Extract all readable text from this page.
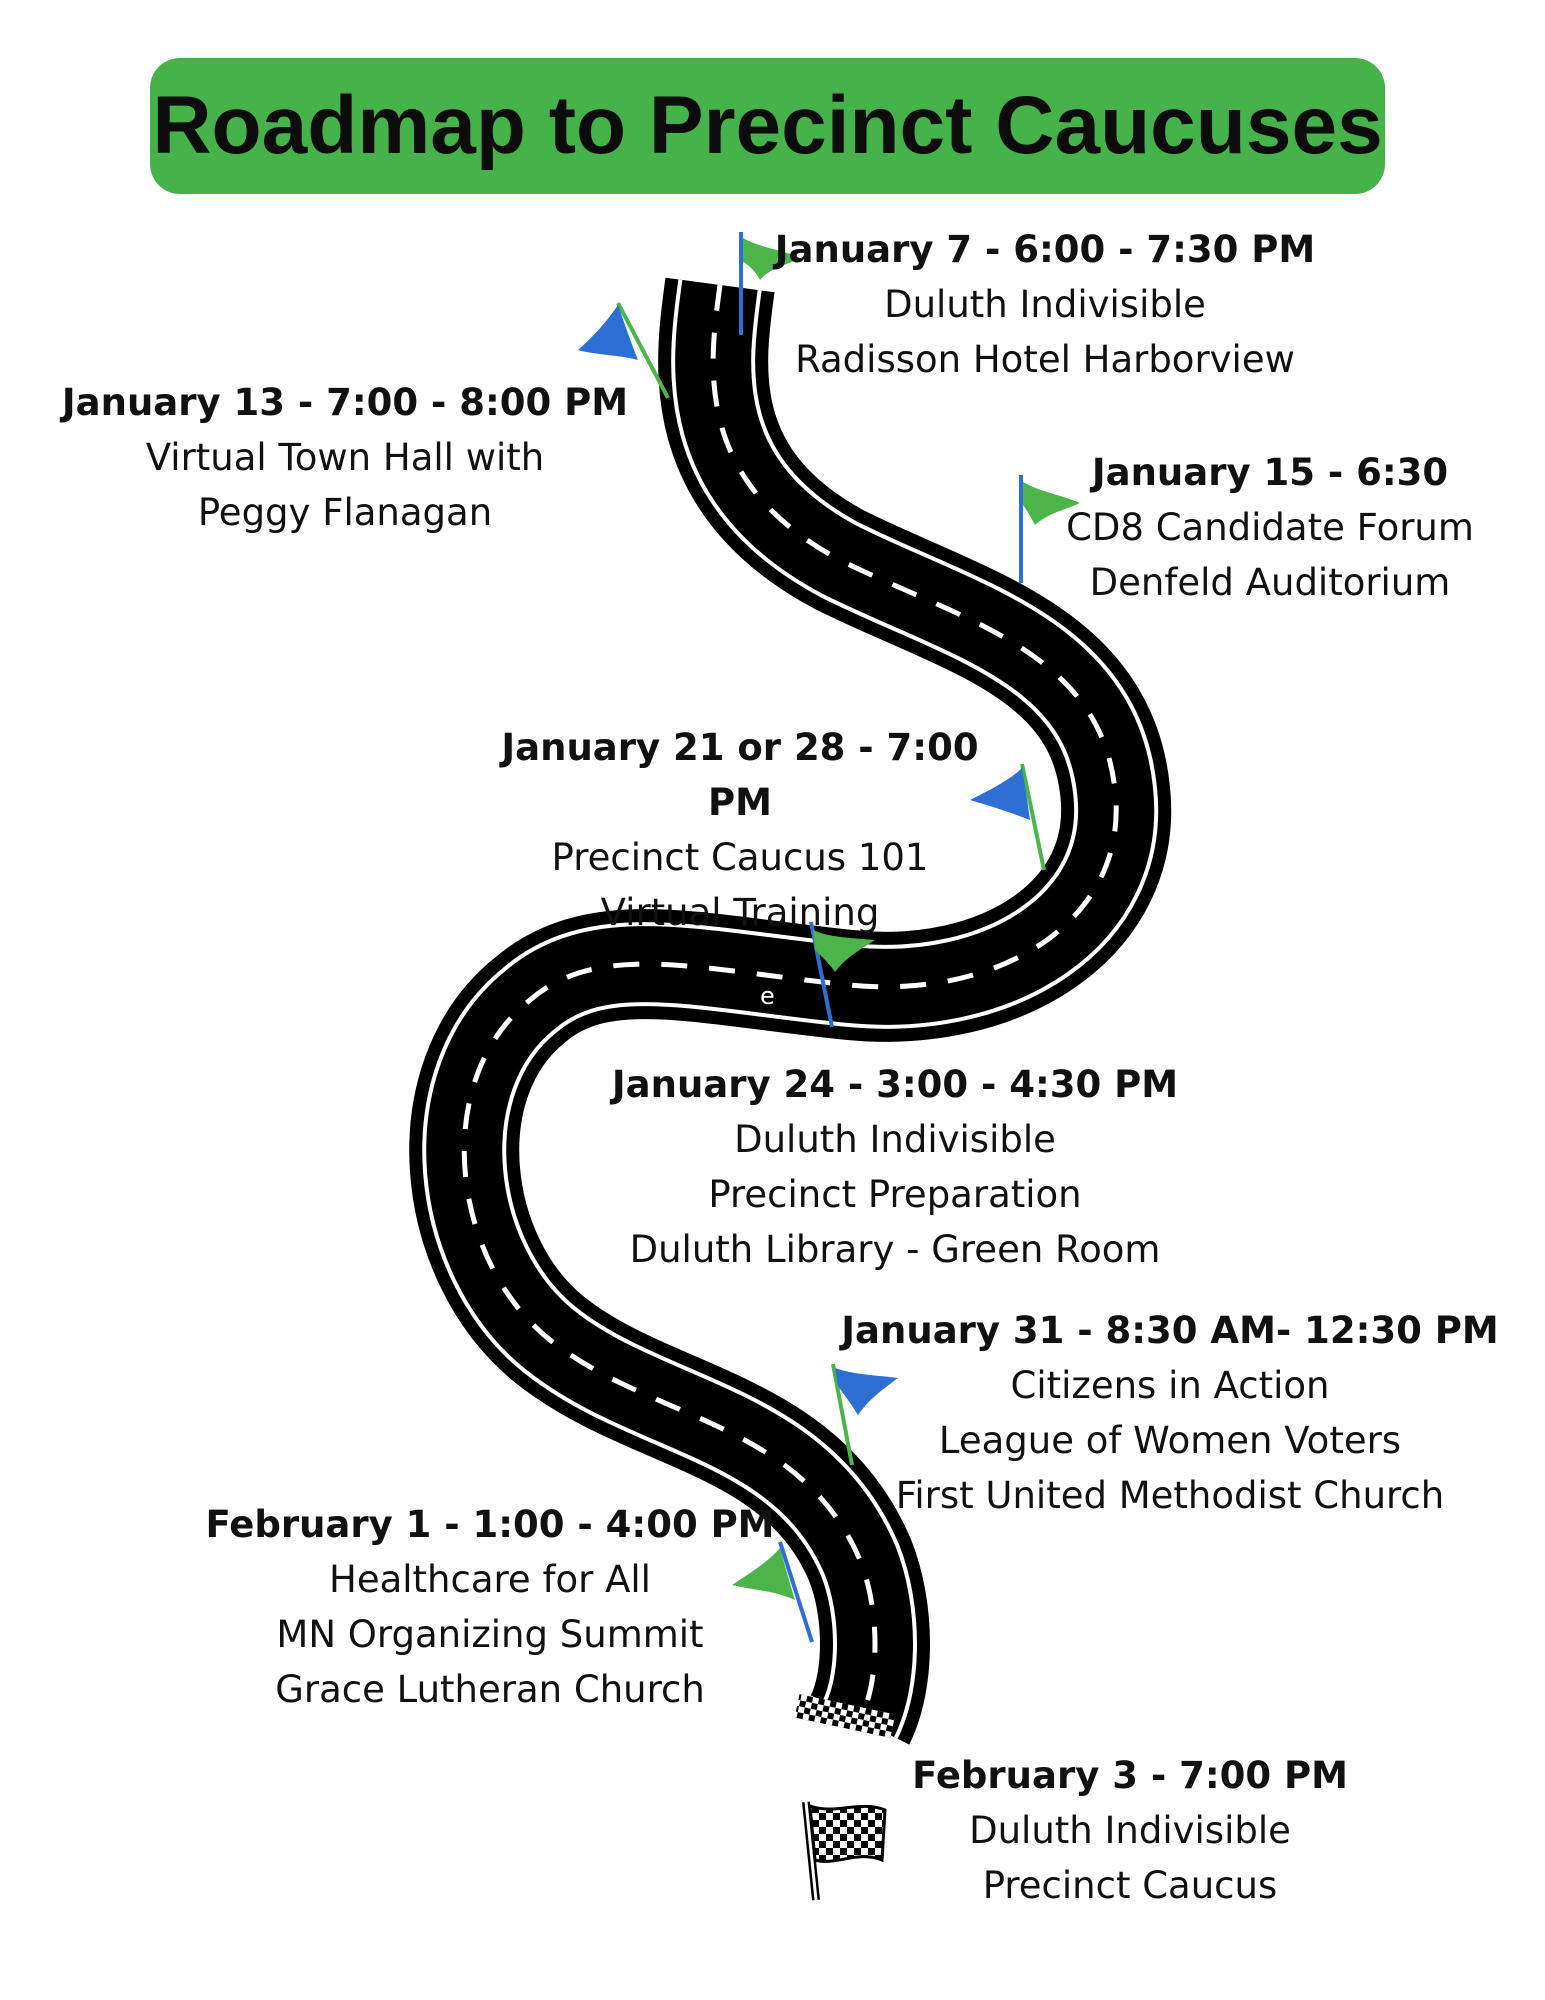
Roadmap to Precinct Caucuses
e
January 7 - 6:00 - 7:30 PM
Duluth Indivisible
Radisson Hotel Harborview
January 13 - 7:00 - 8:00 PM
Virtual Town Hall with
Peggy Flanagan
January 15 - 6:30
CD8 Candidate Forum
Denfeld Auditorium
January 21 or 28 - 7:00 PM
Precinct Caucus 101
Virtual Training
January 24 - 3:00 - 4:30 PM
Duluth Indivisible
Precinct Preparation
Duluth Library - Green Room
January 31 - 8:30 AM- 12:30 PM
Citizens in Action
League of Women Voters
First United Methodist Church
February 1 - 1:00 - 4:00 PM
Healthcare for All
MN Organizing Summit
Grace Lutheran Church
February 3 - 7:00 PM
Duluth Indivisible
Precinct Caucus
